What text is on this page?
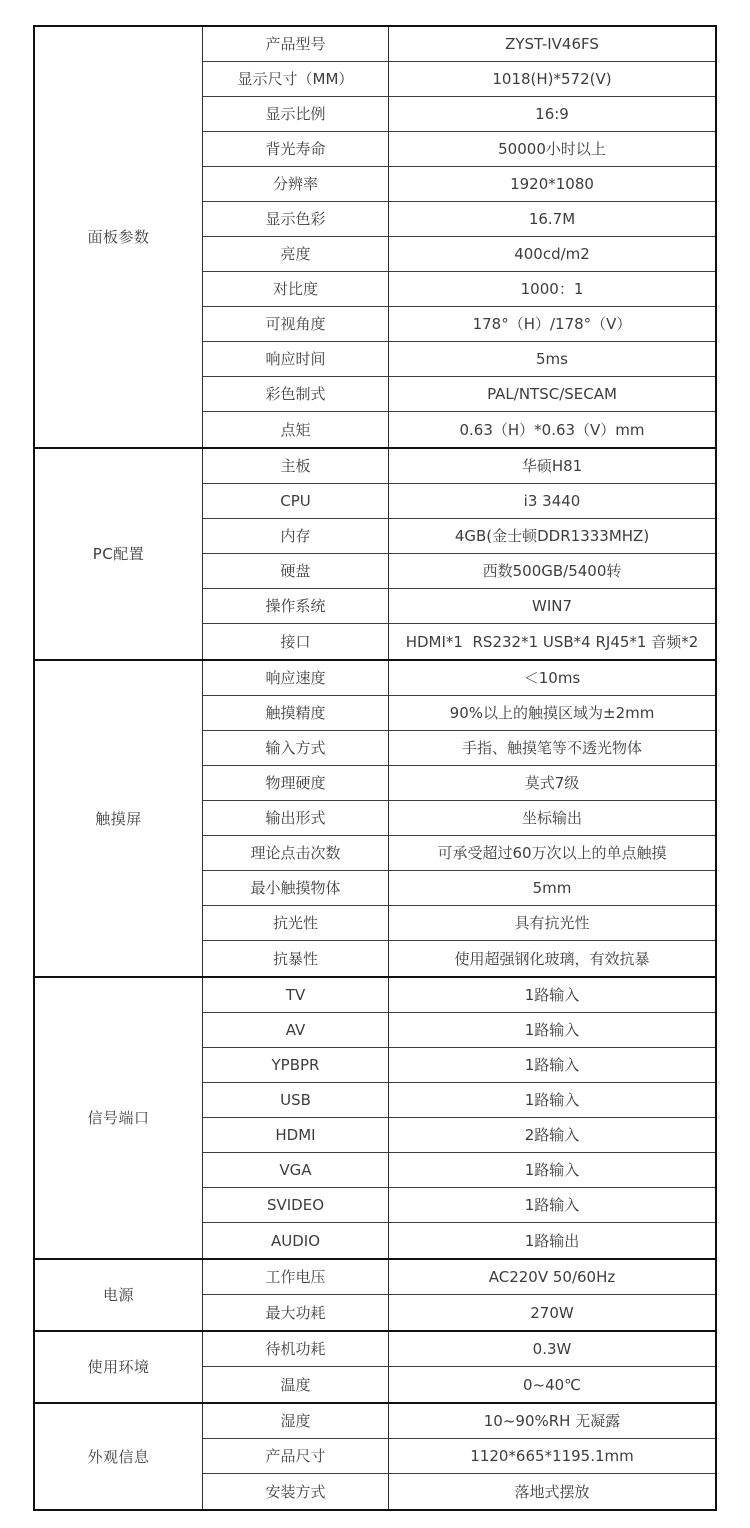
面板参数
产品型号	ZYST-IV46FS
显示尺寸（MM）	1018(H)*572(V)
显示比例	16:9
背光寿命	50000小时以上
分辨率	1920*1080
显示色彩	16.7M
亮度	400cd/m2
对比度	1000：1
可视角度	178°（H）/178°（V）
响应时间	5ms
彩色制式	PAL/NTSC/SECAM
点矩	0.63（H）*0.63（V）mm
PC配置
主板	华硕H81
CPU	i3 3440
内存	4GB(金士顿DDR1333MHZ)
硬盘	西数500GB/5400转
操作系统	WIN7
接口	HDMI*1  RS232*1 USB*4 RJ45*1 音频*2
触摸屏
响应速度	＜10ms
触摸精度	90%以上的触摸区域为±2mm
输入方式	手指、触摸笔等不透光物体
物理硬度	莫式7级
输出形式	坐标输出
理论点击次数	可承受超过60万次以上的单点触摸
最小触摸物体	5mm
抗光性	具有抗光性
抗暴性	使用超强钢化玻璃，有效抗暴
信号端口
TV	1路输入
AV	1路输入
YPBPR	1路输入
USB	1路输入
HDMI	2路输入
VGA	1路输入
SVIDEO	1路输入
AUDIO	1路输出
电源
工作电压	AC220V 50/60Hz
最大功耗	270W
使用环境
待机功耗	0.3W
温度	0~40℃
外观信息
湿度	10~90%RH 无凝露
产品尺寸	1120*665*1195.1mm
安装方式	落地式摆放
